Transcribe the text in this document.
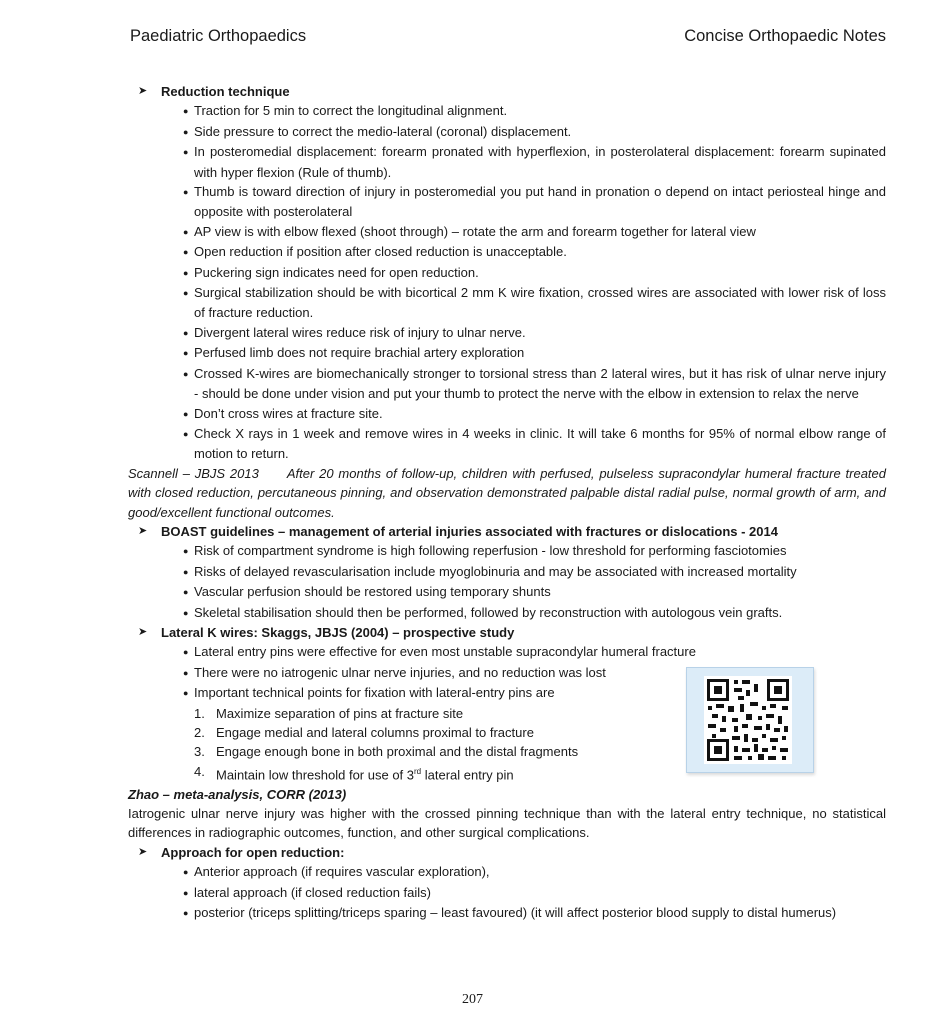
Paediatric Orthopaedics	Concise Orthopaedic Notes
➤ Reduction technique
● Traction for 5 min to correct the longitudinal alignment.
● Side pressure to correct the medio-lateral (coronal) displacement.
● In posteromedial displacement: forearm pronated with hyperflexion, in posterolateral displacement: forearm supinated with hyper flexion (Rule of thumb).
● Thumb is toward direction of injury in posteromedial you put hand in pronation o depend on intact periosteal hinge and opposite with posterolateral
● AP view is with elbow flexed (shoot through) – rotate the arm and forearm together for lateral view
● Open reduction if position after closed reduction is unacceptable.
● Puckering sign indicates need for open reduction.
● Surgical stabilization should be with bicortical 2 mm K wire fixation, crossed wires are associated with lower risk of loss of fracture reduction.
● Divergent lateral wires reduce risk of injury to ulnar nerve.
● Perfused limb does not require brachial artery exploration
● Crossed K-wires are biomechanically stronger to torsional stress than 2 lateral wires, but it has risk of ulnar nerve injury - should be done under vision and put your thumb to protect the nerve with the elbow in extension to relax the nerve
● Don’t cross wires at fracture site.
● Check X rays in 1 week and remove wires in 4 weeks in clinic. It will take 6 months for 95% of normal elbow range of motion to return.
Scannell – JBJS 2013 After 20 months of follow-up, children with perfused, pulseless supracondylar humeral fracture treated with closed reduction, percutaneous pinning, and observation demonstrated palpable distal radial pulse, normal growth of arm, and good/excellent functional outcomes.
➤ BOAST guidelines – management of arterial injuries associated with fractures or dislocations - 2014
● Risk of compartment syndrome is high following reperfusion - low threshold for performing fasciotomies
● Risks of delayed revascularisation include myoglobinuria and may be associated with increased mortality
● Vascular perfusion should be restored using temporary shunts
● Skeletal stabilisation should then be performed, followed by reconstruction with autologous vein grafts.
➤ Lateral K wires: Skaggs, JBJS (2004) – prospective study
● Lateral entry pins were effective for even most unstable supracondylar humeral fracture
● There were no iatrogenic ulnar nerve injuries, and no reduction was lost
● Important technical points for fixation with lateral-entry pins are
1. Maximize separation of pins at fracture site
2. Engage medial and lateral columns proximal to fracture
3. Engage enough bone in both proximal and the distal fragments
4. Maintain low threshold for use of 3rd lateral entry pin
Zhao – meta-analysis, CORR (2013)
Iatrogenic ulnar nerve injury was higher with the crossed pinning technique than with the lateral entry technique, no statistical differences in radiographic outcomes, function, and other surgical complications.
➤ Approach for open reduction:
● Anterior approach (if requires vascular exploration),
● lateral approach (if closed reduction fails)
● posterior (triceps splitting/triceps sparing – least favoured) (it will affect posterior blood supply to distal humerus)
207
